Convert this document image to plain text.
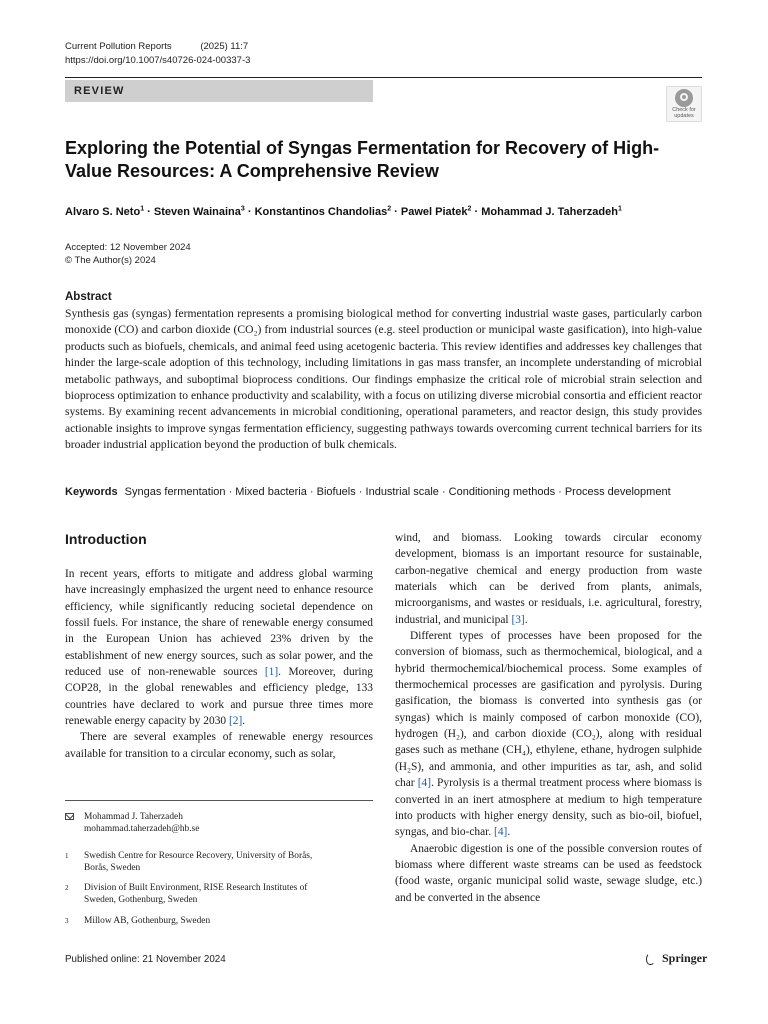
Current Pollution Reports	(2025) 11:7
https://doi.org/10.1007/s40726-024-00337-3
REVIEW
Check for updates
Exploring the Potential of Syngas Fermentation for Recovery of High-Value Resources: A Comprehensive Review
Alvaro S. Neto$^1$ · Steven Wainaina$^3$ · Konstantinos Chandolias$^2$ · Pawel Piatek$^2$ · Mohammad J. Taherzadeh$^1$
Accepted: 12 November 2024
© The Author(s) 2024
Abstract
Synthesis gas (syngas) fermentation represents a promising biological method for converting industrial waste gases, particularly carbon monoxide (CO) and carbon dioxide (CO₂) from industrial sources (e.g. steel production or municipal waste gasification), into high-value products such as biofuels, chemicals, and animal feed using acetogenic bacteria. This review identifies and addresses key challenges that hinder the large-scale adoption of this technology, including limitations in gas mass transfer, an incomplete understanding of microbial metabolic pathways, and suboptimal bioprocess conditions. Our findings emphasize the critical role of microbial strain selection and bioprocess optimization to enhance productivity and scalability, with a focus on utilizing diverse microbial consortia and efficient reactor systems. By examining recent advancements in microbial conditioning, operational parameters, and reactor design, this study provides actionable insights to improve syngas fermentation efficiency, suggesting pathways towards overcoming current technical barriers for its broader industrial application beyond the production of bulk chemicals.
Keywords Syngas fermentation · Mixed bacteria · Biofuels · Industrial scale · Conditioning methods · Process development
Introduction

In recent years, efforts to mitigate and address global warming have increasingly emphasized the urgent need to enhance resource efficiency, while significantly reducing societal dependence on fossil fuels. For instance, the share of renewable energy consumed in the European Union has achieved 23% driven by the establishment of new energy sources, such as solar power, and the reduced use of non-renewable sources [1]. Moreover, during COP28, in the global renewables and efficiency pledge, 133 countries have declared to work and pursue three times more renewable energy capacity by 2030 [2].

There are several examples of renewable energy resources available for transition to a circular economy, such as solar,

wind, and biomass. Looking towards circular economy development, biomass is an important resource for sustainable, carbon-negative chemical and energy production from waste materials which can be derived from plants, animals, microorganisms, and wastes or residuals, i.e. agricultural, forestry, industrial, and municipal [3].

Different types of processes have been proposed for the conversion of biomass, such as thermochemical, biological, and a hybrid thermochemical/biochemical process. Some examples of thermochemical processes are gasification and pyrolysis. During gasification, the biomass is converted into synthesis gas (or syngas) which is mainly composed of carbon monoxide (CO), hydrogen (H₂), and carbon dioxide (CO₂), along with residual gases such as methane (CH₄), ethylene, ethane, hydrogen sulphide (H₂S), and ammonia, and other impurities as tar, ash, and solid char [4]. Pyrolysis is a thermal treatment process where biomass is converted in an inert atmosphere at medium to high temperature into products with higher energy density, such as bio-oil, biofuel, syngas, and bio-char. [4].

Anaerobic digestion is one of the possible conversion routes of biomass where different waste streams can be used as feedstock (food waste, organic municipal solid waste, sewage sludge, etc.) and be converted in the absence

Mohammad J. Taherzadeh
mohammad.taherzadeh@hb.se
1 Swedish Centre for Resource Recovery, University of Borås, Borås, Sweden
2 Division of Built Environment, RISE Research Institutes of Sweden, Gothenburg, Sweden
3 Millow AB, Gothenburg, Sweden
Published online: 21 November 2024	Springer
